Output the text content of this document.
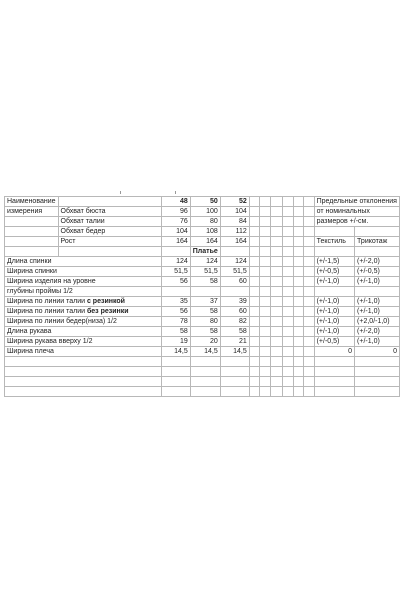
Наименование		48	50	52							Предельные отклонения	
измерения	Обхват бюста	96	100	104							от номинальных	
	Обхват талии	76	80	84							размеров +/-см.	
	Обхват бедер	104	108	112								
	Рост	164	164	164							Текстиль	Трикотаж
			Платье									
Длина спинки		124	124	124							(+/-1,5)	(+/-2,0)
Ширина спинки		51,5	51,5	51,5							(+/-0,5)	(+/-0,5)
Ширина изделия на уровне		56	58	60							(+/-1,0)	(+/-1,0)
глубины проймы 1/2												
Ширина по линии талии с резинкой		35	37	39							(+/-1,0)	(+/-1,0)
Ширина по линии талии без резинки		56	58	60							(+/-1,0)	(+/-1,0)
Ширина по линии бедер(низа) 1/2		78	80	82							(+/-1,0)	(+2,0/-1,0)
Длина рукава		58	58	58							(+/-1,0)	(+/-2,0)
Ширина рукава вверху 1/2		19	20	21							(+/-0,5)	(+/-1,0)
Ширина плеча		14,5	14,5	14,5							0	0
